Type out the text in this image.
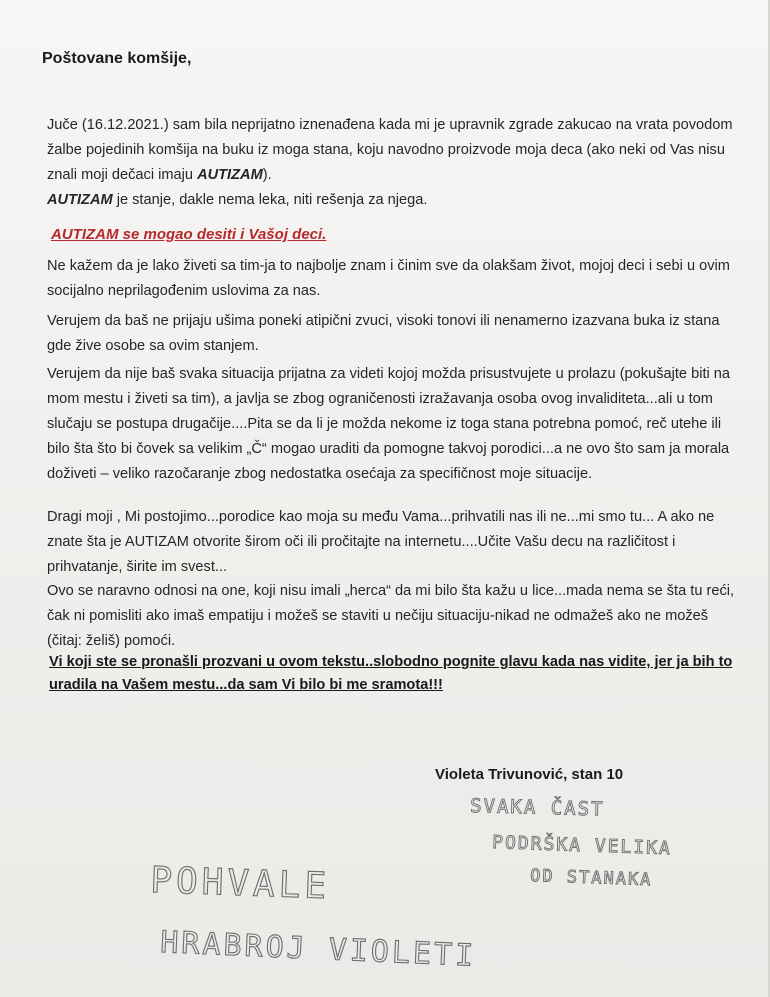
Poštovane komšije,

Juče (16.12.2021.) sam bila neprijatno iznenađena kada mi je upravnik zgrade zakucao na vrata povodom žalbe pojedinih komšija na buku iz moga stana, koju navodno proizvode moja deca (ako neki od Vas nisu znali moji dečaci imaju AUTIZAM).

AUTIZAM je stanje, dakle nema leka, niti rešenja za njega.

AUTIZAM se mogao desiti i Vašoj deci.

Ne kažem da je lako živeti sa tim-ja to najbolje znam i činim sve da olakšam život, mojoj deci i sebi u ovim socijalno neprilagođenim uslovima za nas.

Verujem da baš ne prijaju ušima poneki atipični zvuci, visoki tonovi ili nenamerno izazvana buka iz stana gde žive osobe sa ovim stanjem.

Verujem da nije baš svaka situacija prijatna za videti kojoj možda prisustvujete u prolazu (pokušajte biti na mom mestu i živeti sa tim), a javlja se zbog ograničenosti izražavanja osoba ovog invaliditeta...ali u tom slučaju se postupa drugačije....Pita se da li je možda nekome iz toga stana potrebna pomoć, reč utehe ili bilo šta što bi čovek sa velikim „Č“ mogao uraditi da pomogne takvoj porodici...a ne ovo što sam ja morala doživeti – veliko razočaranje zbog nedostatka osećaja za specifičnost moje situacije.

Dragi moji , Mi postojimo...porodice kao moja su među Vama...prihvatili nas ili ne...mi smo tu... A ako ne znate šta je AUTIZAM otvorite širom oči ili pročitajte na internetu....Učite Vašu decu na različitost i prihvatanje, širite im svest...

Ovo se naravno odnosi na one, koji nisu imali „herca“ da mi bilo šta kažu u lice...mada nema se šta tu reći, čak ni pomisliti ako imaš empatiju i možeš se staviti u nečiju situaciju-nikad ne odmažeš ako ne možeš (čitaj: želiš) pomoći.

Vi koji ste se pronašli prozvani u ovom tekstu..slobodno pognite glavu kada nas vidite, jer ja bih to uradila na Vašem mestu...da sam Vi bilo bi me sramota!!!

Violeta Trivunović, stan 10

SVAKA ČAST
PODRŠKA VELIKA
OD STANAKA
POHVALE
HRABROJ VIOLETI
